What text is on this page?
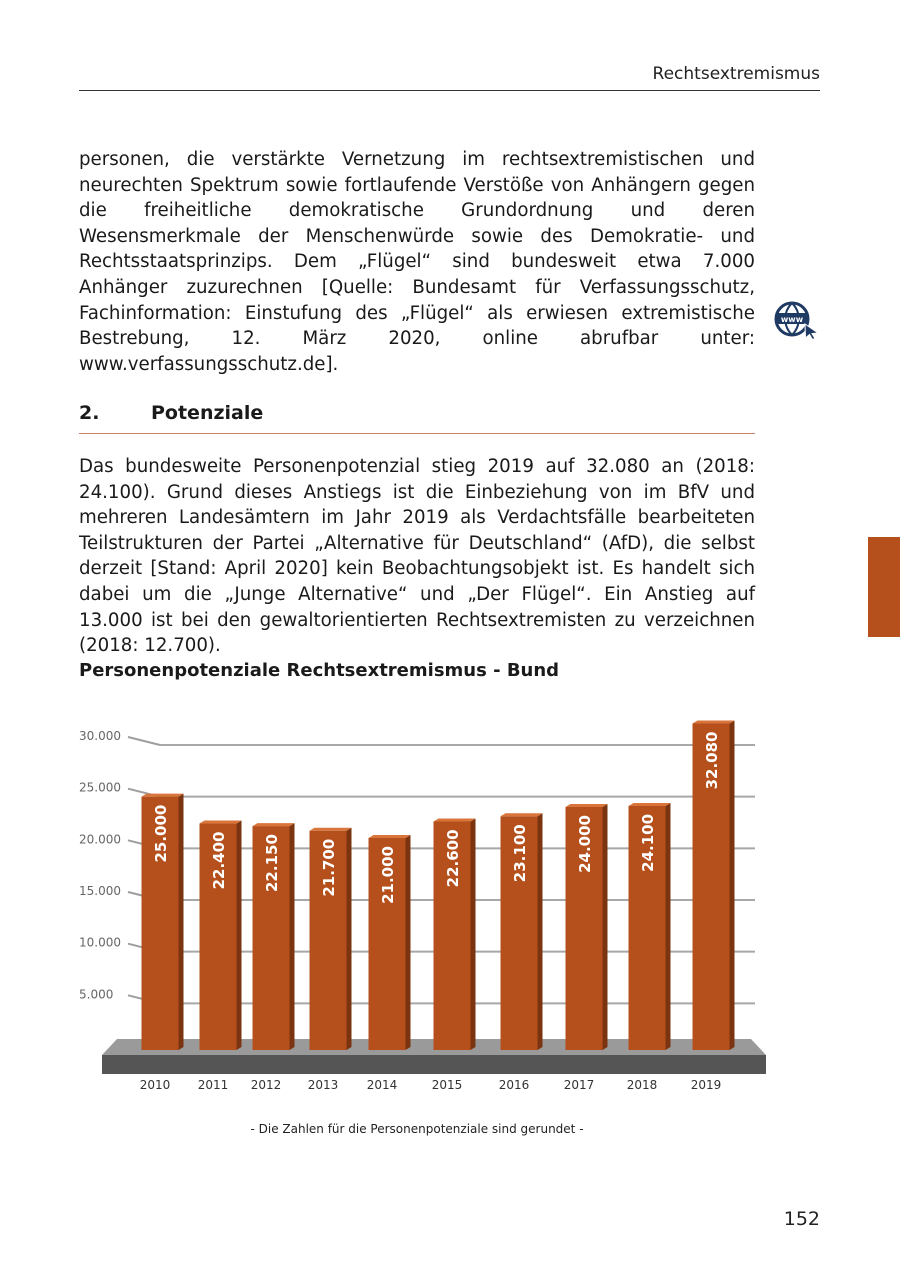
Rechtsextremismus

personen, die verstärkte Vernetzung im rechtsextremistischen und neurechten Spektrum sowie fortlaufende Verstöße von Anhängern gegen die freiheitliche demokratische Grundordnung und deren Wesensmerkmale der Menschenwürde sowie des Demokratie- und Rechtsstaatsprinzips. Dem „Flügel“ sind bundesweit etwa 7.000 Anhänger zuzurechnen [Quelle: Bundesamt für Verfassungsschutz, Fachinformation: Einstufung des „Flügel“ als erwiesen extremistische Bestrebung, 12. März 2020, online abrufbar unter: www.verfassungsschutz.de].

www
2.	Potenziale

Das bundesweite Personenpotenzial stieg 2019 auf 32.080 an (2018: 24.100). Grund dieses Anstiegs ist die Einbeziehung von im BfV und mehreren Landesämtern im Jahr 2019 als Verdachtsfälle bearbeiteten Teilstrukturen der Partei „Alternative für Deutschland“ (AfD), die selbst derzeit [Stand: April 2020] kein Beobachtungsobjekt ist. Es handelt sich dabei um die „Junge Alternative“ und „Der Flügel“. Ein Anstieg auf 13.000 ist bei den gewaltorientierten Rechtsextremisten zu verzeichnen (2018: 12.700).

Personenpotenziale Rechtsextremismus - Bund
5.000
10.000
15.000
20.000
25.000
30.000
25.000
2010
22.400
2011
22.150
2012
21.700
2013
21.000
2014
22.600
2015
23.100
2016
24.000
2017
24.100
2018
32.080
2019
- Die Zahlen für die Personenpotenziale sind gerundet -
152
